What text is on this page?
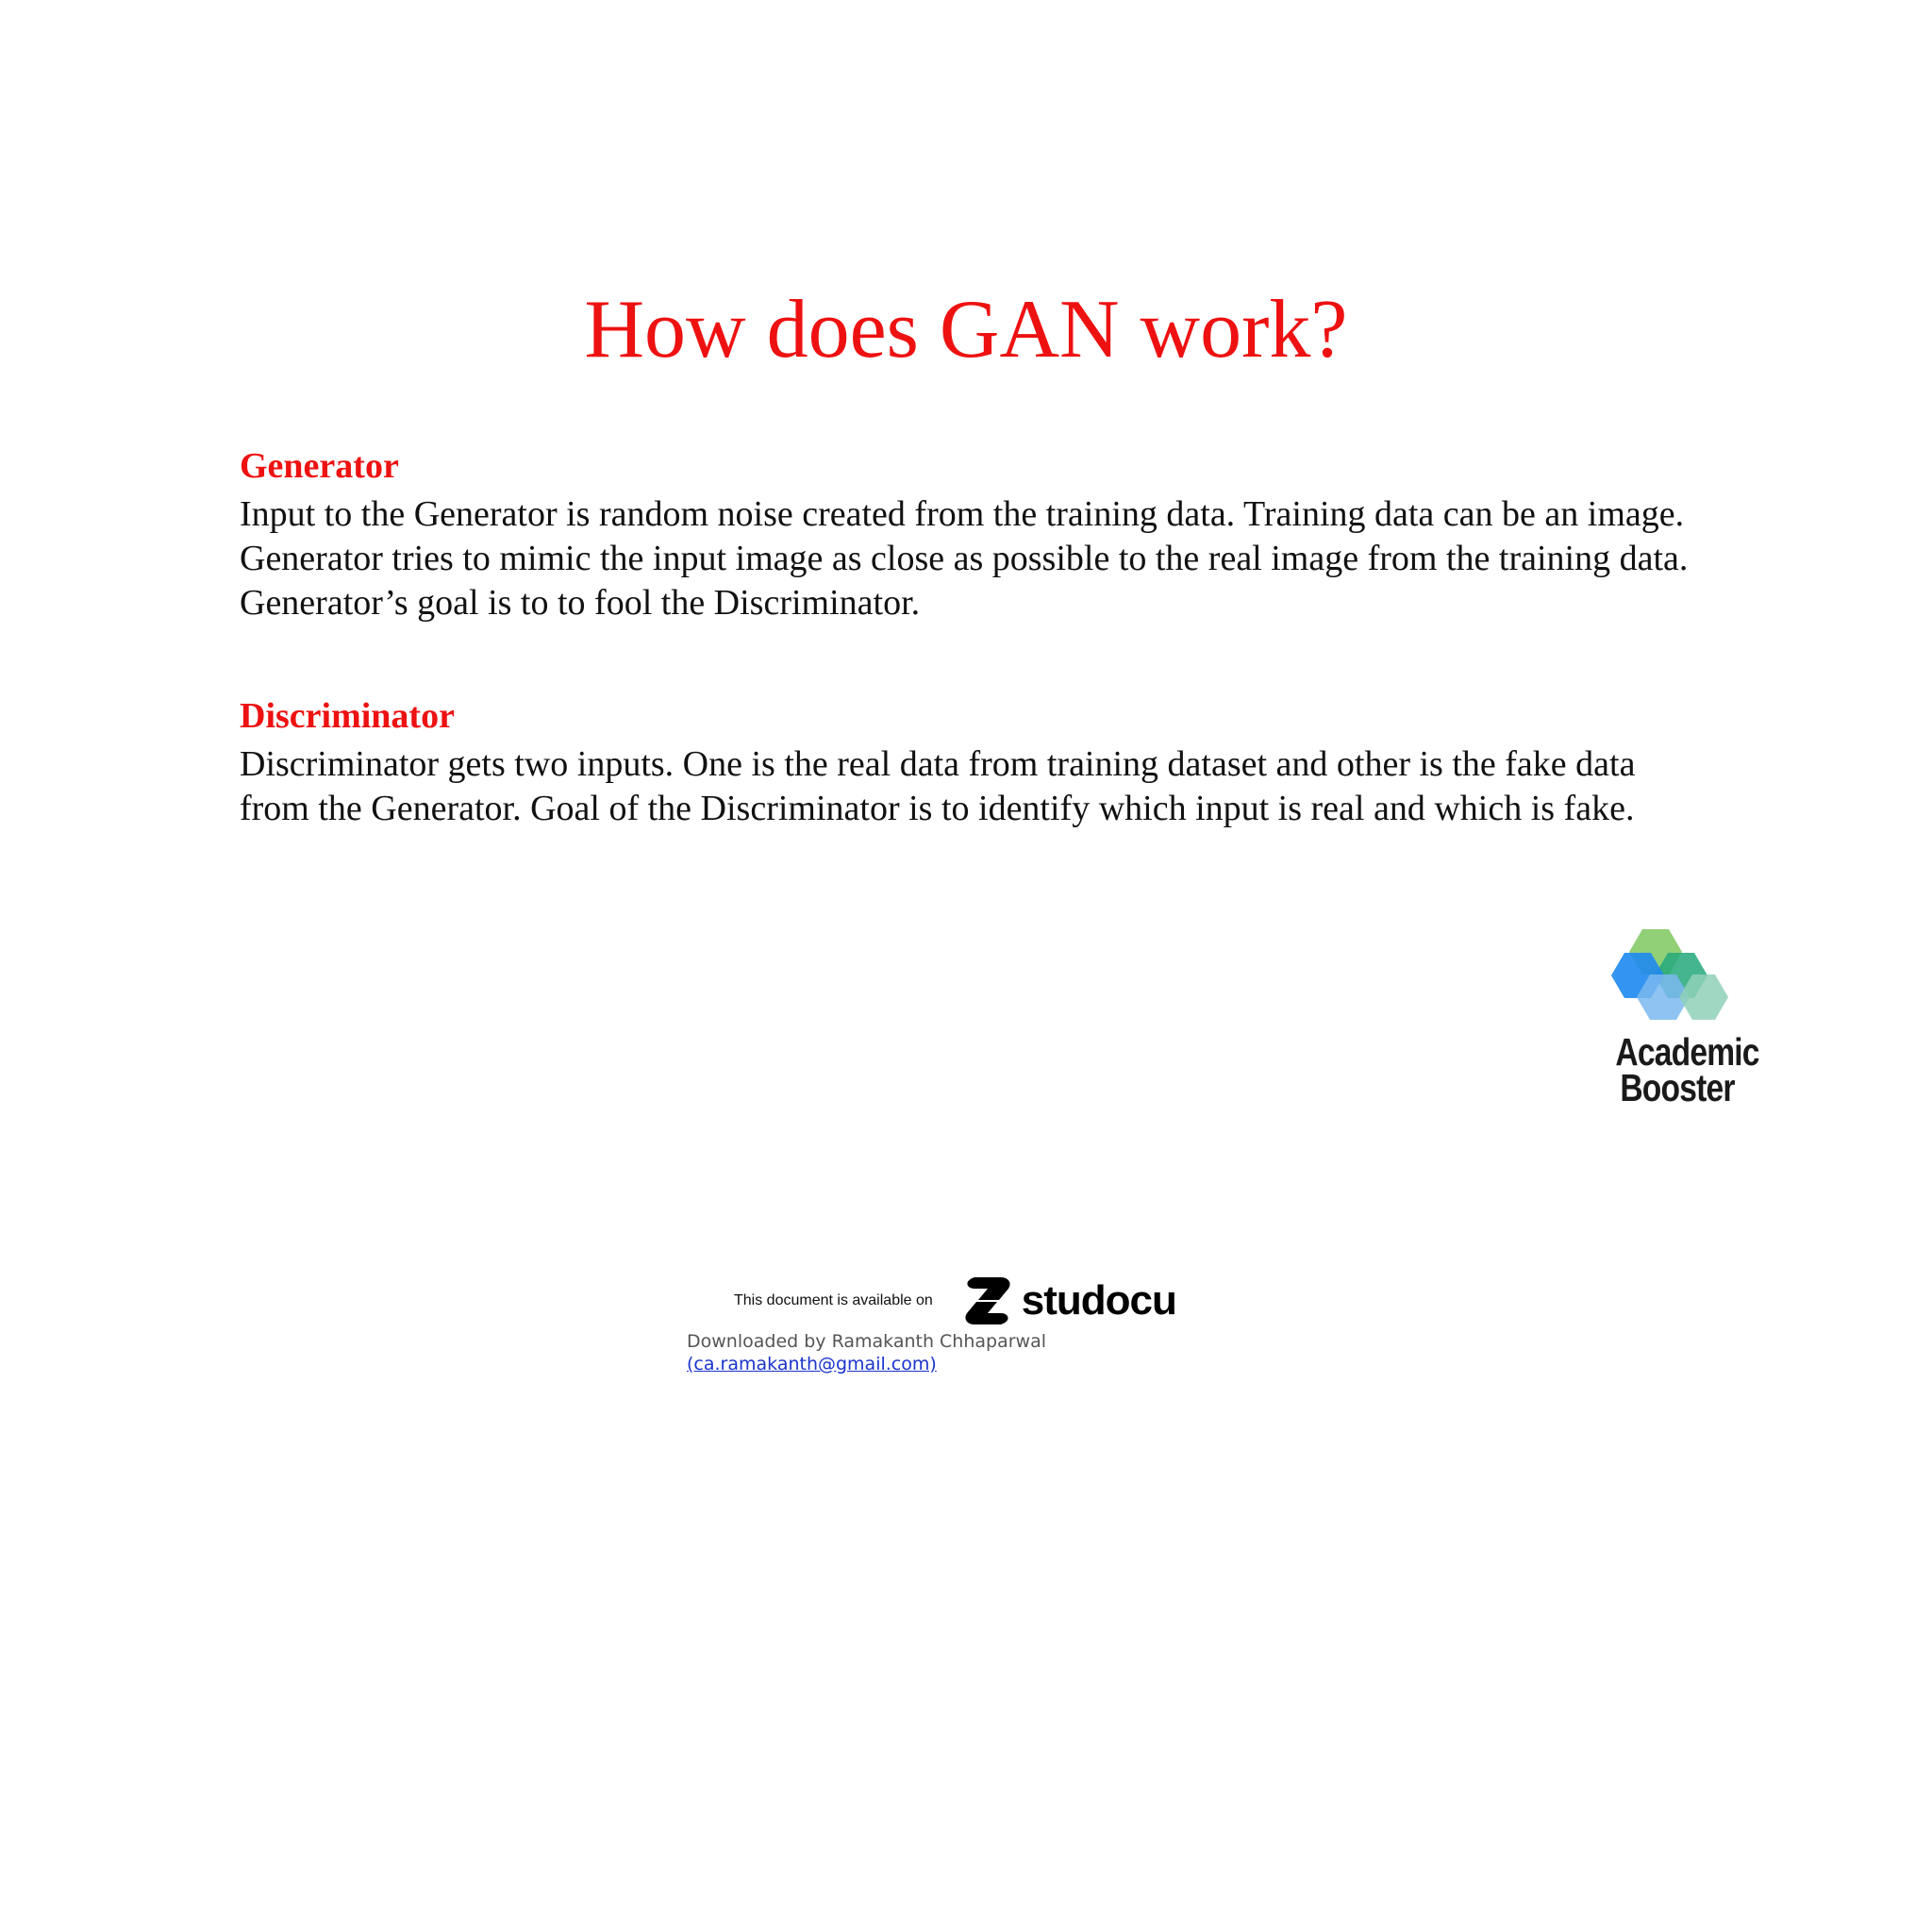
How does GAN work?

Generator

Input to the Generator is random noise created from the training data. Training data can be an image. Generator tries to mimic the input image as close as possible to the real image from the training data. Generator’s goal is to to fool the Discriminator.

Discriminator

Discriminator gets two inputs. One is the real data from training dataset and other is the fake data from the Generator. Goal of the Discriminator is to identify which input is real and which is fake.

Academic
Booster
This document is available on studocu
Downloaded by Ramakanth Chhaparwal
(ca.ramakanth@gmail.com)
